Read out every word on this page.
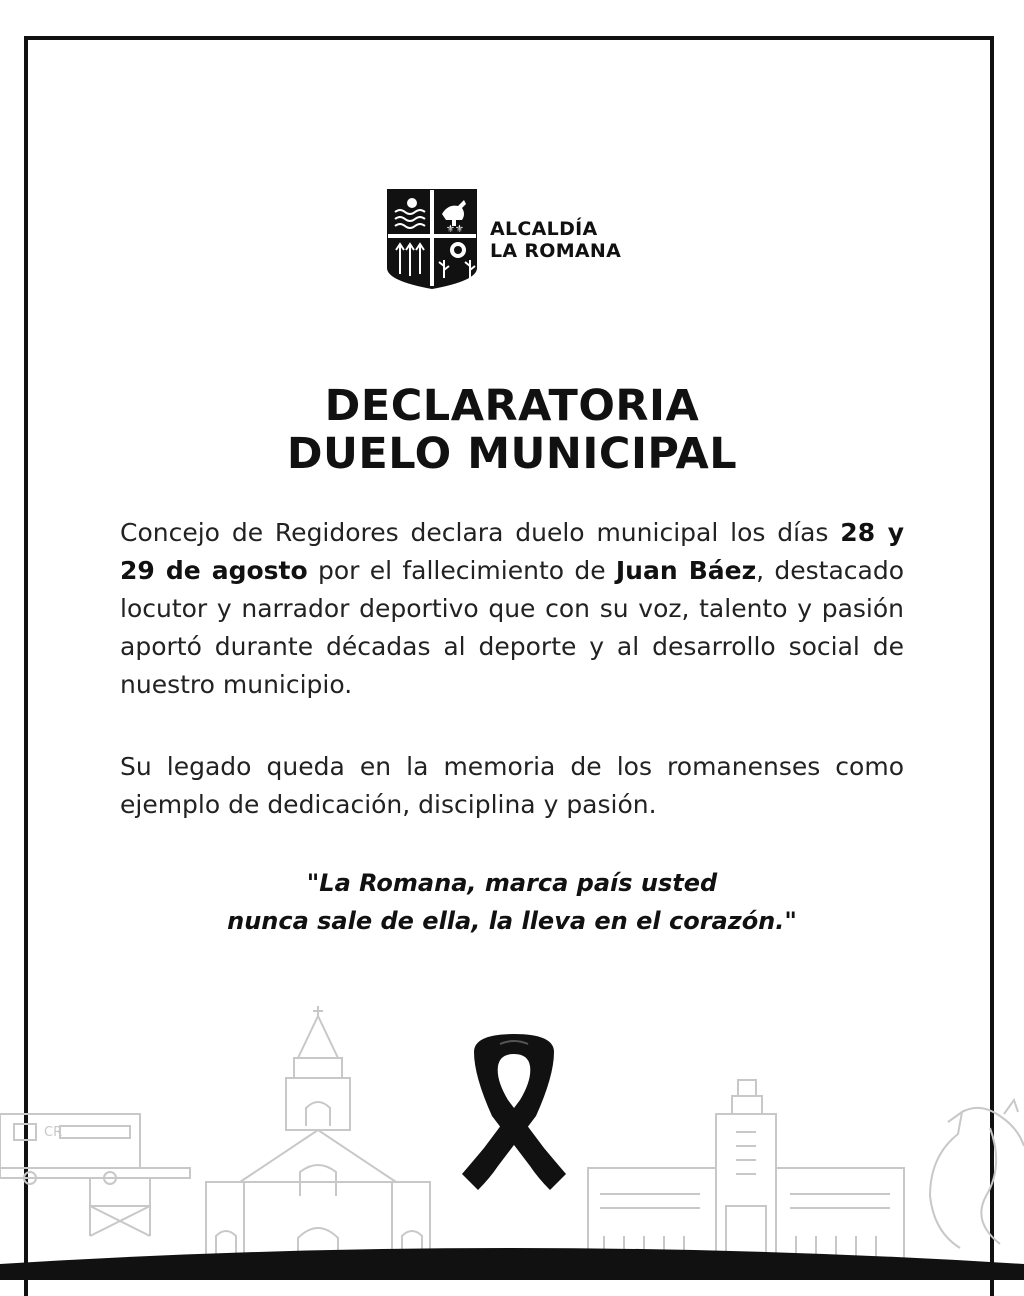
⚜⚜ ALCALDÍA
LA ROMANA
DECLARATORIA
DUELO MUNICIPAL
Concejo de Regidores declara duelo municipal los días 28 y 29 de agosto por el fallecimiento de Juan Báez, destacado locutor y narrador deportivo que con su voz, talento y pasión aportó durante décadas al deporte y al desarrollo social de nuestro municipio.
Su legado queda en la memoria de los romanenses como ejemplo de dedicación, disciplina y pasión.
"La Romana, marca país usted
nunca sale de ella, la lleva en el corazón."
CR
